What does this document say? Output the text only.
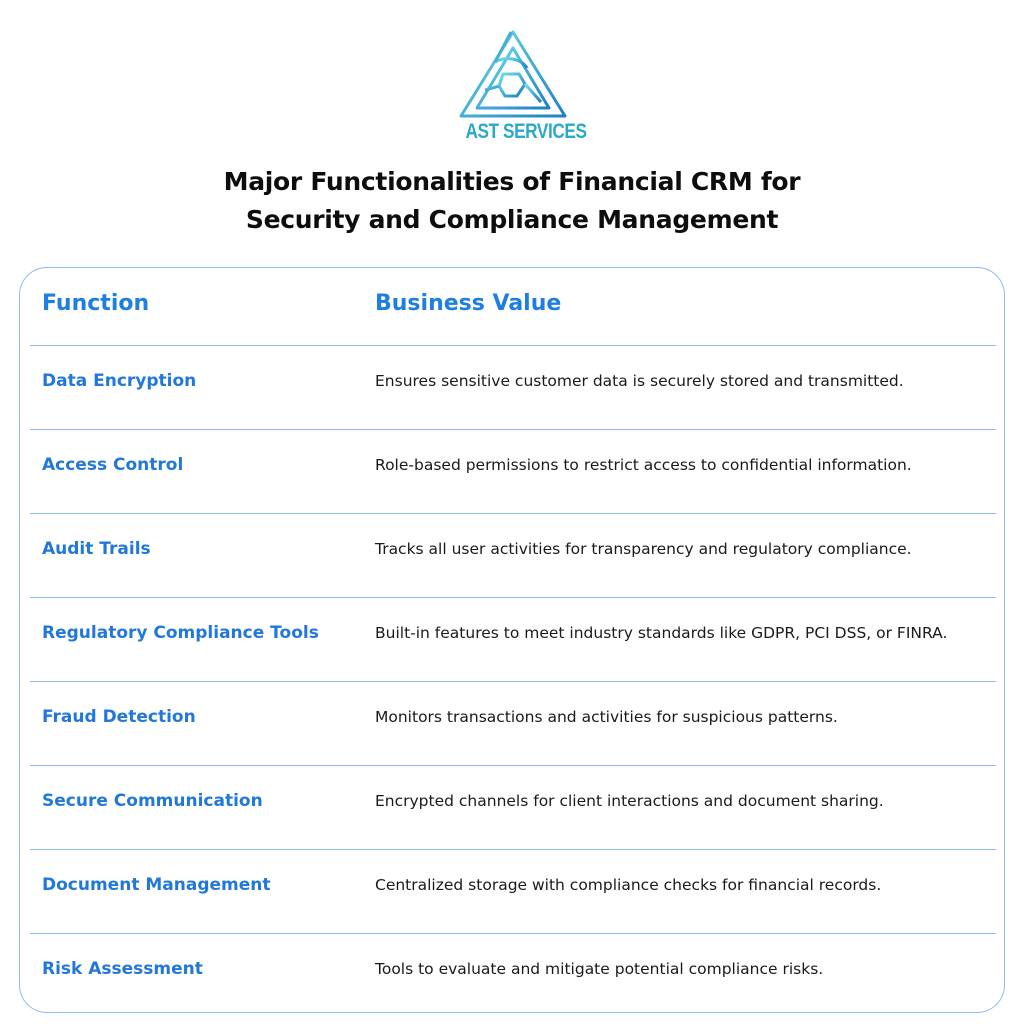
AST SERVICES
Major Functionalities of Financial CRM for
Security and Compliance Management
Function	Business Value
Data Encryption	Ensures sensitive customer data is securely stored and transmitted.
Access Control	Role-based permissions to restrict access to confidential information.
Audit Trails	Tracks all user activities for transparency and regulatory compliance.
Regulatory Compliance Tools	Built-in features to meet industry standards like GDPR, PCI DSS, or FINRA.
Fraud Detection	Monitors transactions and activities for suspicious patterns.
Secure Communication	Encrypted channels for client interactions and document sharing.
Document Management	Centralized storage with compliance checks for financial records.
Risk Assessment	Tools to evaluate and mitigate potential compliance risks.
